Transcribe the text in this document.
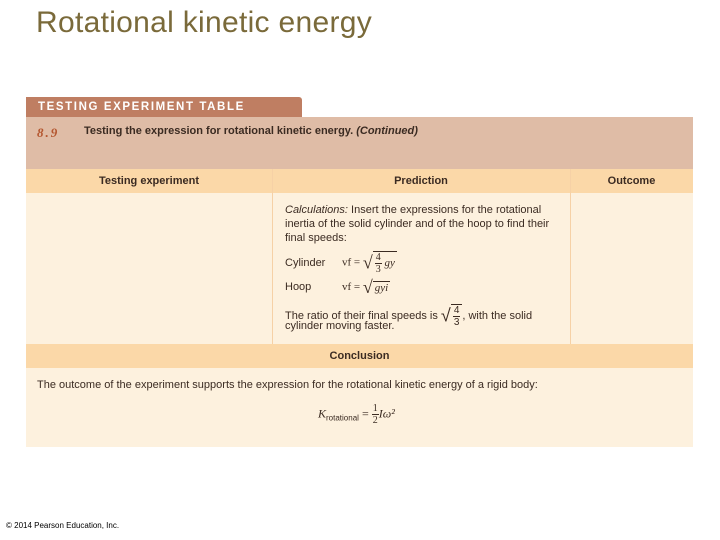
Rotational kinetic energy
TESTING EXPERIMENT TABLE
8.9 Testing the expression for rotational kinetic energy. (Continued)
Testing experiment	Prediction	Outcome
Calculations: Insert the expressions for the rotational inertia of the solid cylinder and of the hoop to find their final speeds:
Cylinder vf = √ $\frac{4}{3}$ gy
Hoop	vf = √ gyi
The ratio of their final speeds is √ $\frac{4}{3}$ , with the solid
cylinder moving faster.
Conclusion
The outcome of the experiment supports the expression for the rotational kinetic energy of a rigid body:
$K_{rotational} = \frac{1}{2} I\omega^2$
© 2014 Pearson Education, Inc.
